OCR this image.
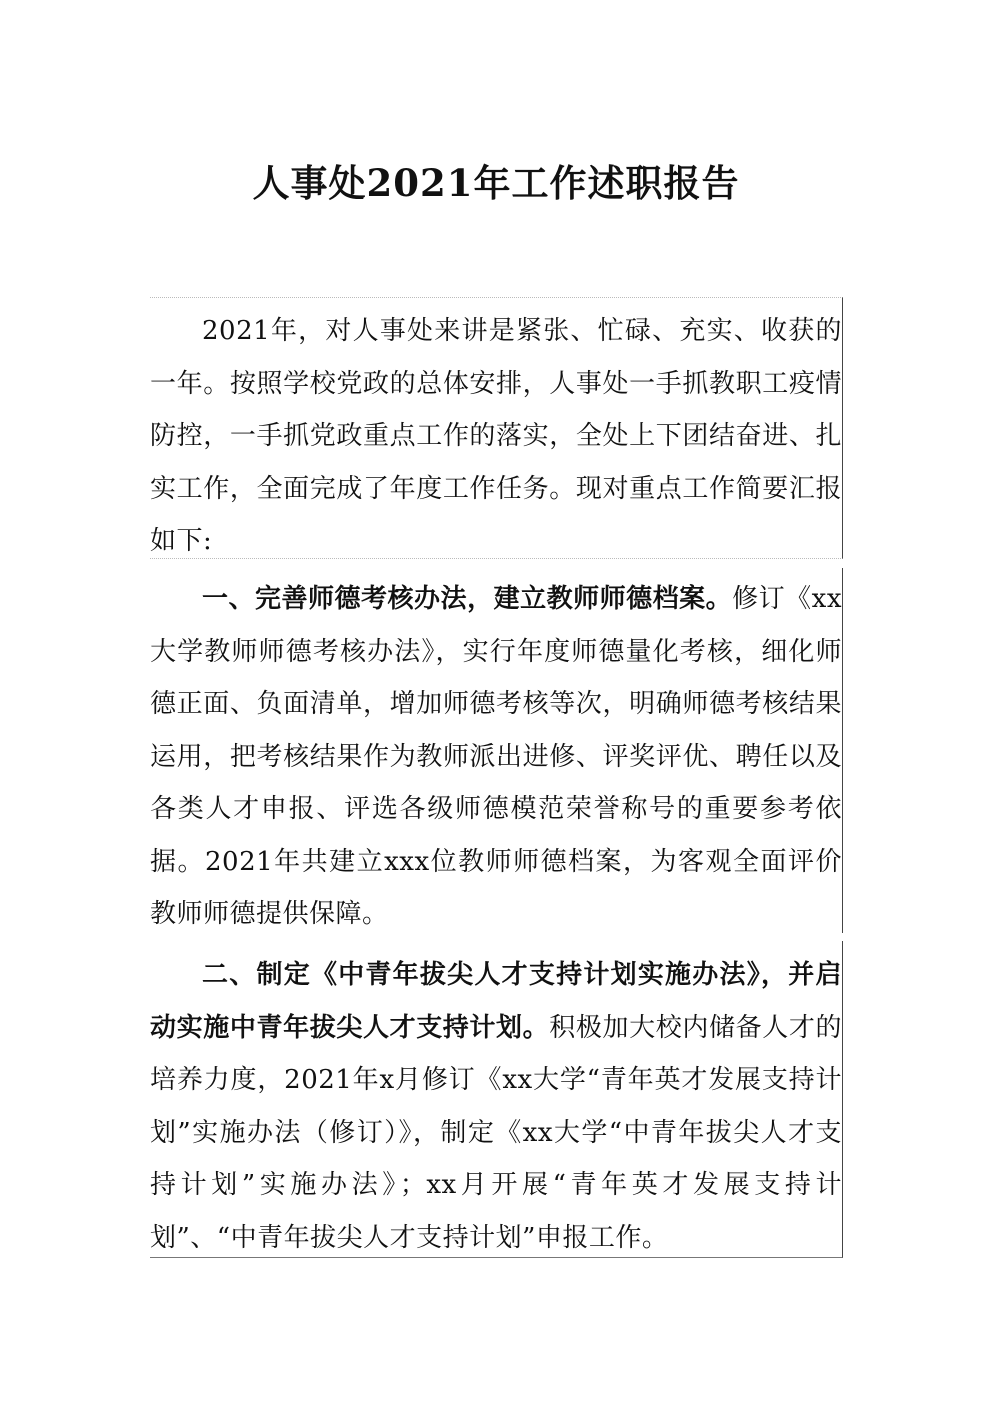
人事处2021年工作述职报告

2021年，对人事处来讲是紧张、忙碌、充实、收获的一年。按照学校党政的总体安排，人事处一手抓教职工疫情防控，一手抓党政重点工作的落实，全处上下团结奋进、扎实工作，全面完成了年度工作任务。现对重点工作简要汇报如下:

一、完善师德考核办法，建立教师师德档案。修订《xx大学教师师德考核办法》，实行年度师德量化考核，细化师德正面、负面清单，增加师德考核等次，明确师德考核结果运用，把考核结果作为教师派出进修、评奖评优、聘任以及各类人才申报、评选各级师德模范荣誉称号的重要参考依据。2021年共建立xxx位教师师德档案，为客观全面评价教师师德提供保障。

二、制定《中青年拔尖人才支持计划实施办法》，并启动实施中青年拔尖人才支持计划。积极加大校内储备人才的培养力度，2021年x月修订《xx大学“青年英才发展支持计划”实施办法（修订）》，制定《xx大学“中青年拔尖人才支持计划”实施办法》；xx月开展“青年英才发展支持计划”、“中青年拔尖人才支持计划”申报工作。
